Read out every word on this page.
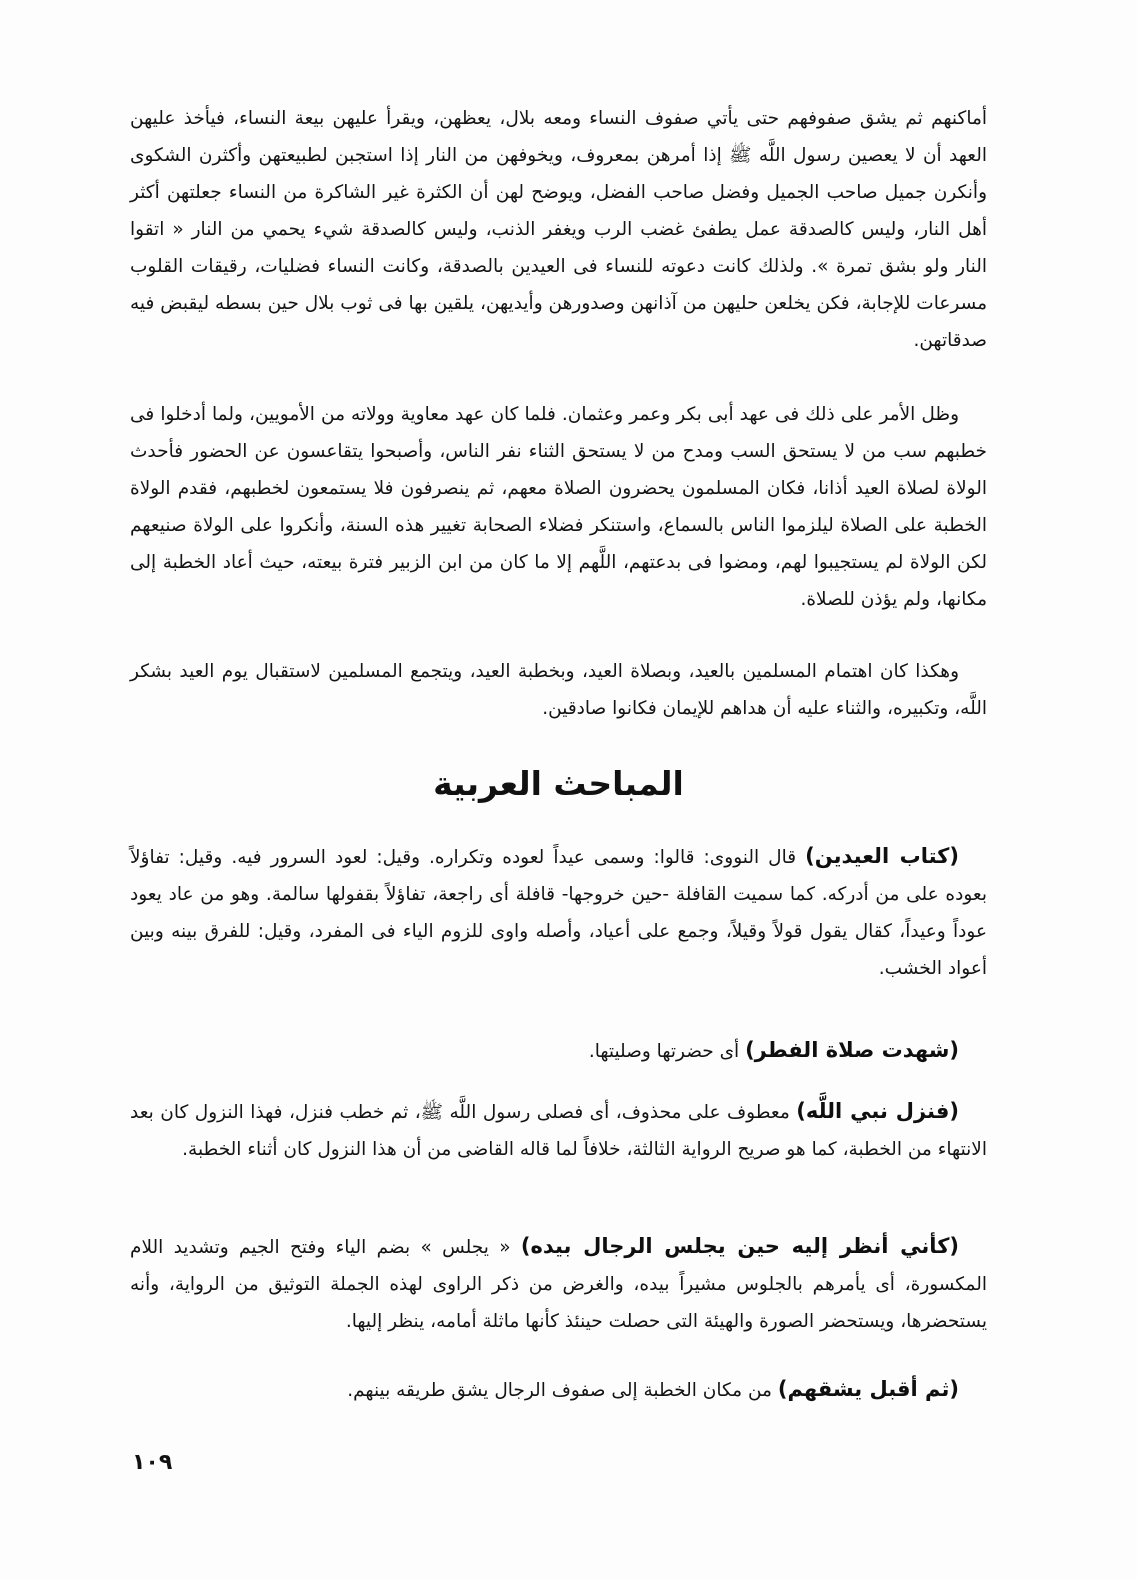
أماكنهم ثم يشق صفوفهم حتى يأتي صفوف النساء ومعه بلال، يعظهن، ويقرأ عليهن بيعة النساء، فيأخذ عليهن العهد أن لا يعصين رسول اللَّه ﷺ إذا أمرهن بمعروف، ويخوفهن من النار إذا استجبن لطبيعتهن وأكثرن الشكوى وأنكرن جميل صاحب الجميل وفضل صاحب الفضل، ويوضح لهن أن الكثرة غير الشاكرة من النساء جعلتهن أكثر أهل النار، وليس كالصدقة عمل يطفئ غضب الرب ويغفر الذنب، وليس كالصدقة شيء يحمي من النار « اتقوا النار ولو بشق تمرة ». ولذلك كانت دعوته للنساء فى العيدين بالصدقة، وكانت النساء فضليات، رقيقات القلوب مسرعات للإجابة، فكن يخلعن حليهن من آذانهن وصدورهن وأيديهن، يلقين بها فى ثوب بلال حين بسطه ليقبض فيه صدقاتهن.

وظل الأمر على ذلك فى عهد أبى بكر وعمر وعثمان. فلما كان عهد معاوية وولاته من الأمويين، ولما أدخلوا فى خطبهم سب من لا يستحق السب ومدح من لا يستحق الثناء نفر الناس، وأصبحوا يتقاعسون عن الحضور فأحدث الولاة لصلاة العيد أذانا، فكان المسلمون يحضرون الصلاة معهم، ثم ينصرفون فلا يستمعون لخطبهم، فقدم الولاة الخطبة على الصلاة ليلزموا الناس بالسماع، واستنكر فضلاء الصحابة تغيير هذه السنة، وأنكروا على الولاة صنيعهم لكن الولاة لم يستجيبوا لهم، ومضوا فى بدعتهم، اللَّهم إلا ما كان من ابن الزبير فترة بيعته، حيث أعاد الخطبة إلى مكانها، ولم يؤذن للصلاة.

وهكذا كان اهتمام المسلمين بالعيد، وبصلاة العيد، وبخطبة العيد، ويتجمع المسلمين لاستقبال يوم العيد بشكر اللَّه، وتكبيره، والثناء عليه أن هداهم للإيمان فكانوا صادقين.

المباحث العربية

(كتاب العيدين) قال النووى: قالوا: وسمى عيداً لعوده وتكراره. وقيل: لعود السرور فيه. وقيل: تفاؤلاً بعوده على من أدركه. كما سميت القافلة -حين خروجها- قافلة أى راجعة، تفاؤلاً بقفولها سالمة. وهو من عاد يعود عوداً وعيداً، كقال يقول قولاً وقيلاً، وجمع على أعياد، وأصله واوى للزوم الياء فى المفرد، وقيل: للفرق بينه وبين أعواد الخشب.

(شهدت صلاة الفطر) أى حضرتها وصليتها.

(فنزل نبي اللَّه) معطوف على محذوف، أى فصلى رسول اللَّه ﷺ، ثم خطب فنزل، فهذا النزول كان بعد الانتهاء من الخطبة، كما هو صريح الرواية الثالثة، خلافاً لما قاله القاضى من أن هذا النزول كان أثناء الخطبة.

(كأني أنظر إليه حين يجلس الرجال بيده) « يجلس » بضم الياء وفتح الجيم وتشديد اللام المكسورة، أى يأمرهم بالجلوس مشيراً بيده، والغرض من ذكر الراوى لهذه الجملة التوثيق من الرواية، وأنه يستحضرها، ويستحضر الصورة والهيئة التى حصلت حينئذ كأنها ماثلة أمامه، ينظر إليها.

(ثم أقبل يشقهم) من مكان الخطبة إلى صفوف الرجال يشق طريقه بينهم.

١٠٩
